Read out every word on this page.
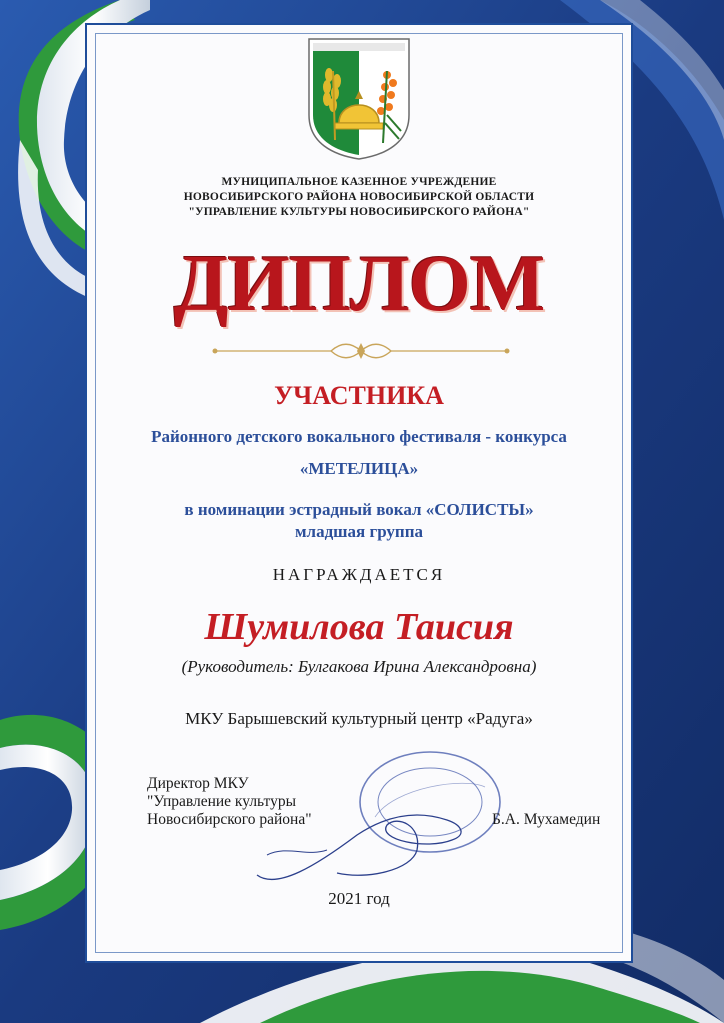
МУНИЦИПАЛЬНОЕ КАЗЕННОЕ УЧРЕЖДЕНИЕ
НОВОСИБИРСКОГО РАЙОНА НОВОСИБИРСКОЙ ОБЛАСТИ
"УПРАВЛЕНИЕ КУЛЬТУРЫ НОВОСИБИРСКОГО РАЙОНА"
ДИПЛОМ
УЧАСТНИКА
Районного детского вокального фестиваля - конкурса
«МЕТЕЛИЦА»
в номинации эстрадный вокал «СОЛИСТЫ»
младшая группа
НАГРАЖДАЕТСЯ
Шумилова Таисия
(Руководитель: Булгакова Ирина Александровна)
МКУ Барышевский культурный центр «Радуга»
Директор МКУ
"Управление культуры
Новосибирского района"	Б.А. Мухамедин
2021 год
